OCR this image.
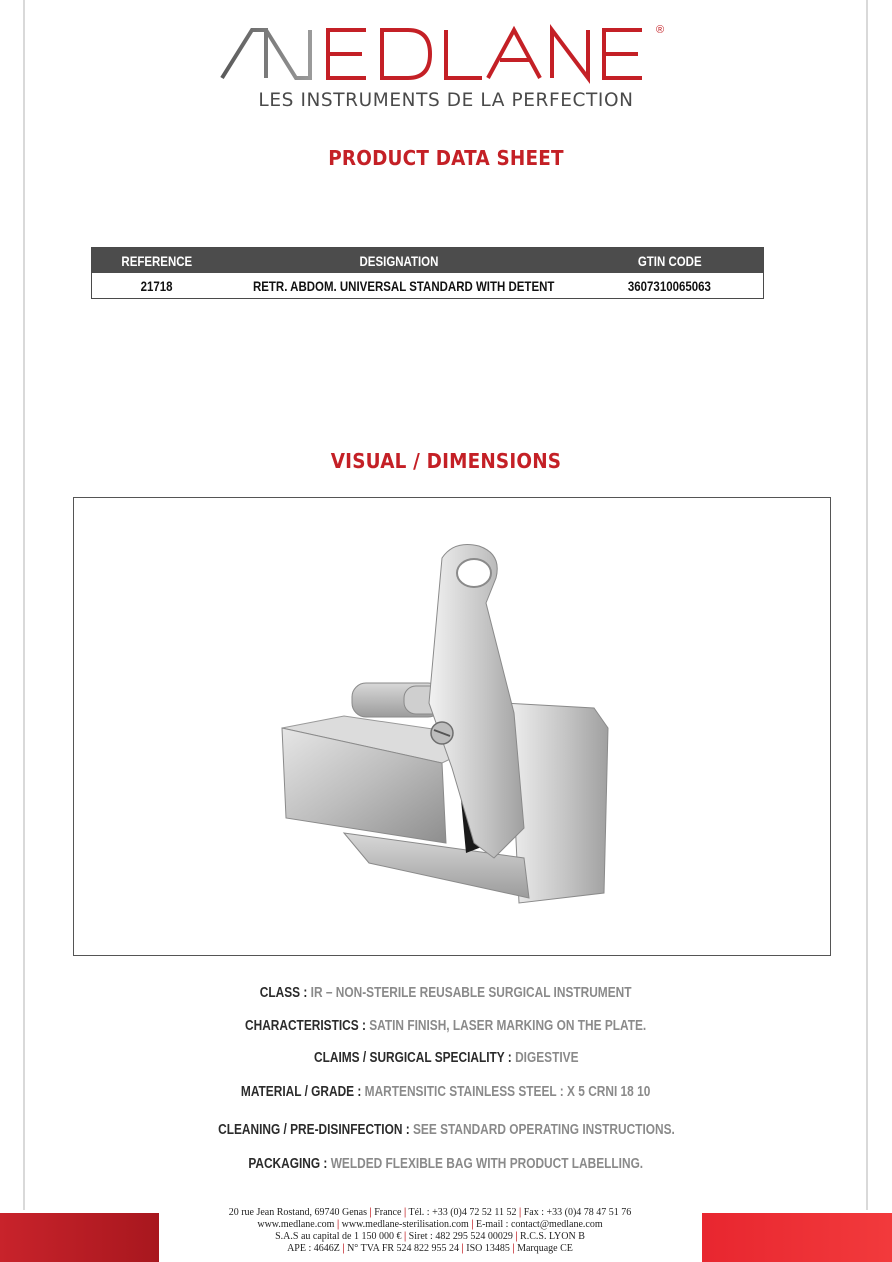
®
LES INSTRUMENTS DE LA PERFECTION
PRODUCT DATA SHEET
REFERENCE	DESIGNATION	GTIN CODE
21718	RETR. ABDOM. UNIVERSAL STANDARD WITH DETENT	3607310065063
VISUAL / DIMENSIONS
CLASS : IR – NON-STERILE REUSABLE SURGICAL INSTRUMENT
CHARACTERISTICS : SATIN FINISH, LASER MARKING ON THE PLATE.
CLAIMS / SURGICAL SPECIALITY : DIGESTIVE
MATERIAL / GRADE : MARTENSITIC STAINLESS STEEL : X 5 CRNI 18 10
CLEANING / PRE-DISINFECTION : SEE STANDARD OPERATING INSTRUCTIONS.
PACKAGING : WELDED FLEXIBLE BAG WITH PRODUCT LABELLING.
20 rue Jean Rostand, 69740 Genas | France | Tél. : +33 (0)4 72 52 11 52 | Fax : +33 (0)4 78 47 51 76
www.medlane.com | www.medlane-sterilisation.com | E-mail : contact@medlane.com
S.A.S au capital de 1 150 000 € | Siret : 482 295 524 00029 | R.C.S. LYON B
APE : 4646Z | N° TVA FR 524 822 955 24 | ISO 13485 | Marquage CE
